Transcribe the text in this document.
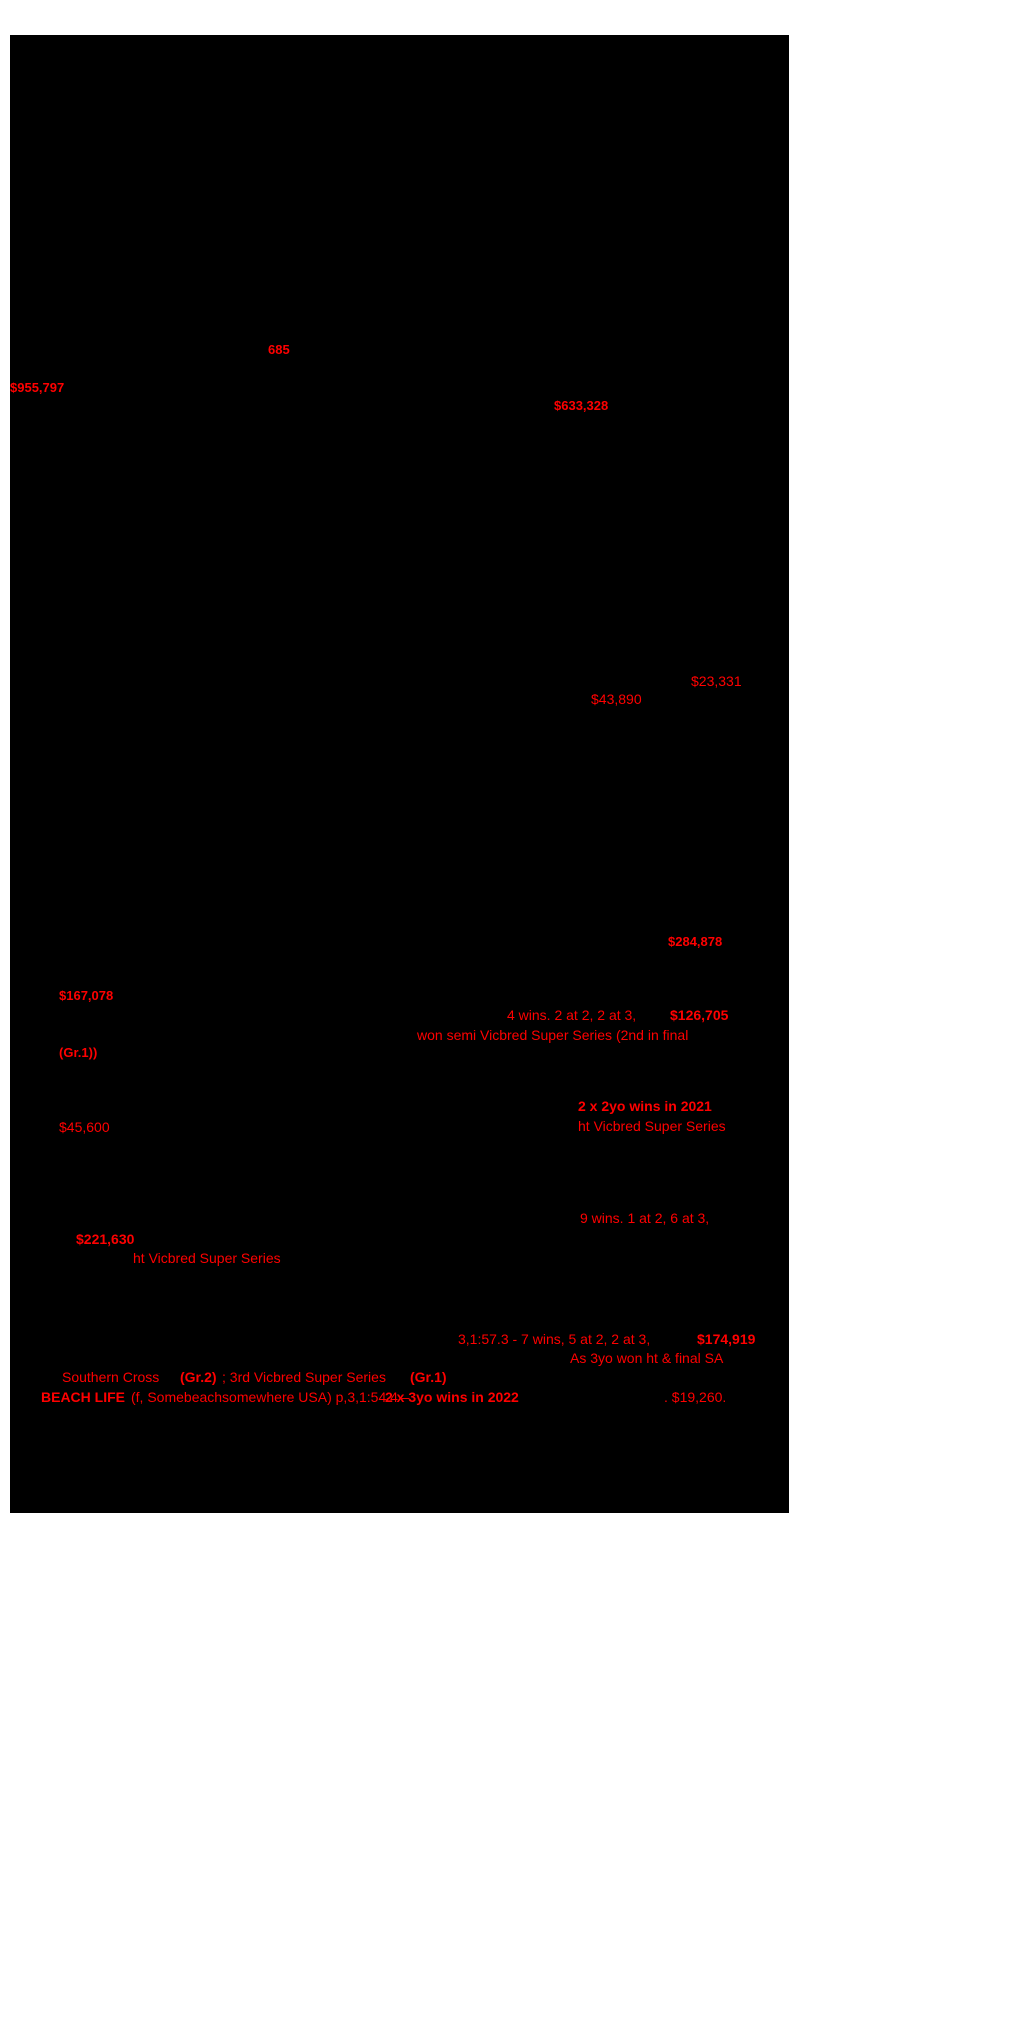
685
$955,797
$633,328
$23,331
$43,890
$284,878
$167,078
4 wins. 2 at 2, 2 at 3, $126,705
won semi Vicbred Super Series (2nd in final
(Gr.1))
2 x 2yo wins in 2021
$45,600	ht Vicbred Super Series
9 wins. 1 at 2, 6 at 3,
$221,630
ht Vicbred Super Series
3,1:57.3 - 7 wins, 5 at 2, 2 at 3,	$174,919
As 3yo won ht & final SA
Southern Cross (Gr.2) ; 3rd Vicbred Super Series (Gr.1)
BEACH LIFE (f, Somebeachsomewhere USA) p,3,1:54.4 –
2 x 3yo wins in 2022	. $19,260.
